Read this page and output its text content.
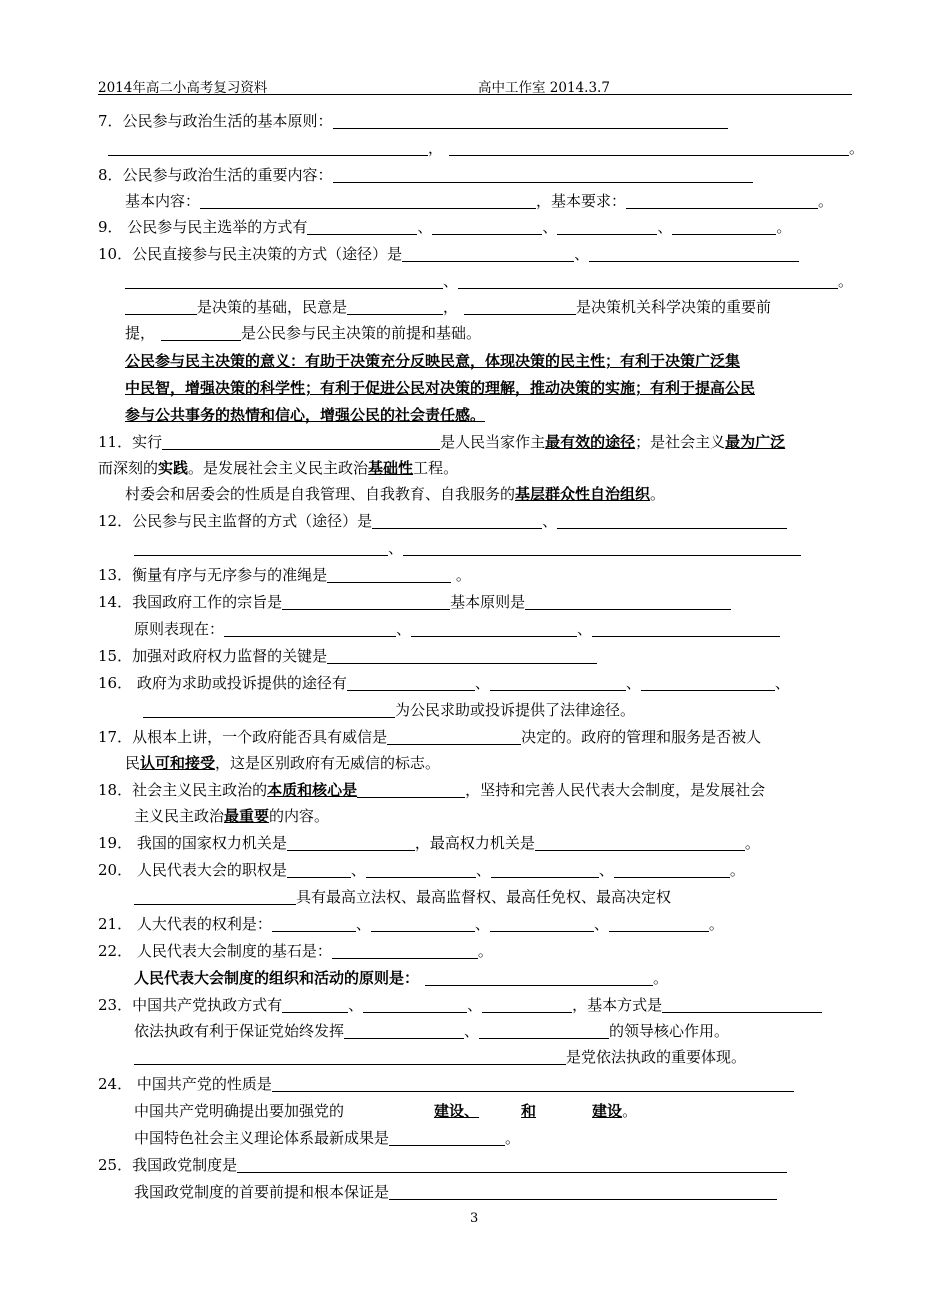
2014年高二小高考复习资料	高中工作室 2014.3.7
7．公民参与政治生活的基本原则：
，	。
8．公民参与政治生活的重要内容：
基本内容：	，基本要求：	。
9． 公民参与民主选举的方式有	、	、	、	。
10．公民直接参与民主决策的方式（途径）是	、
、	。
是决策的基础，民意是	，	是决策机关科学决策的重要前
提，	是公民参与民主决策的前提和基础。
公民参与民主决策的意义：有助于决策充分反映民意，体现决策的民主性；有利于决策广泛集
中民智，增强决策的科学性；有利于促进公民对决策的理解，推动决策的实施；有利于提高公民
参与公共事务的热情和信心，增强公民的社会责任感。
11．实行	是人民当家作主最有效的途径；是社会主义最为广泛
而深刻的实践。是发展社会主义民主政治基础性工程。
村委会和居委会的性质是自我管理、自我教育、自我服务的基层群众性自治组织。
12．公民参与民主监督的方式（途径）是	、
、
13．衡量有序与无序参与的准绳是	。
14．我国政府工作的宗旨是	基本原则是
原则表现在：	、	、
15．加强对政府权力监督的关键是
16． 政府为求助或投诉提供的途径有	、	、	、
为公民求助或投诉提供了法律途径。
17．从根本上讲，一个政府能否具有威信是	决定的。政府的管理和服务是否被人
民认可和接受，这是区别政府有无威信的标志。
18．社会主义民主政治的本质和核心是	，坚持和完善人民代表大会制度，是发展社会
主义民主政治最重要的内容。
19． 我国的国家权力机关是	，最高权力机关是	。
20． 人民代表大会的职权是	、	、	、	。
具有最高立法权、最高监督权、最高任免权、最高决定权
21． 人大代表的权利是：	、	、	、	。
22． 人民代表大会制度的基石是：	。
人民代表大会制度的组织和活动的原则是：	。
23．中国共产党执政方式有	、	、	，基本方式是
依法执政有利于保证党始终发挥	、	的领导核心作用。
是党依法执政的重要体现。
24． 中国共产党的性质是
中国共产党明确提出要加强党的	建设、	和	建设。
中国特色社会主义理论体系最新成果是	。
25．我国政党制度是
我国政党制度的首要前提和根本保证是
3
